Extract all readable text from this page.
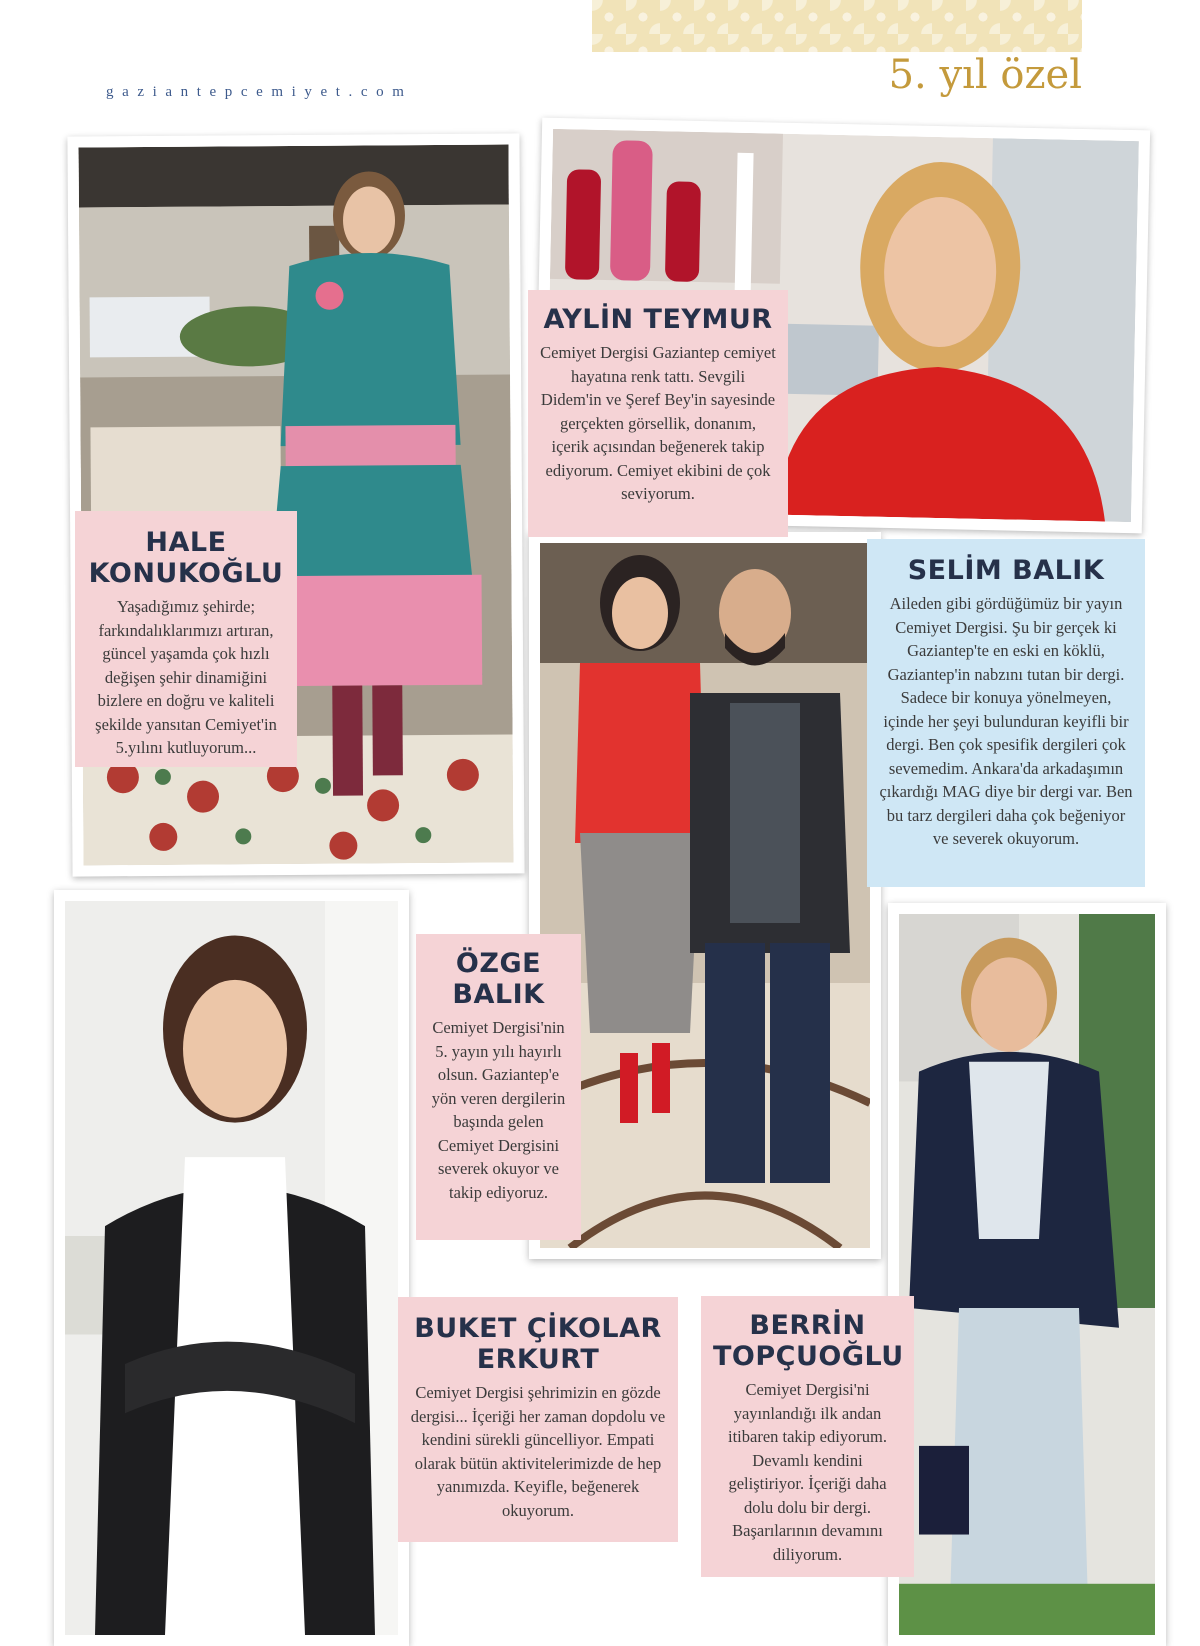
gaziantepcemiyet.com	5. yıl özel
HALE KONUKOĞLU

Yaşadığımız şehirde; farkındalıklarımızı artıran, güncel yaşamda çok hızlı değişen şehir dinamiğini bizlere en doğru ve kaliteli şekilde yansıtan Cemiyet'in 5.yılını kutluyorum...

AYLİN TEYMUR

Cemiyet Dergisi Gaziantep cemiyet hayatına renk tattı. Sevgili Didem'in ve Şeref Bey'in sayesinde gerçekten görsellik, donanım, içerik açısından beğenerek takip ediyorum. Cemiyet ekibini de çok seviyorum.

SELİM BALIK

Aileden gibi gördüğümüz bir yayın Cemiyet Dergisi. Şu bir gerçek ki Gaziantep'te en eski en köklü, Gaziantep'in nabzını tutan bir dergi. Sadece bir konuya yönelmeyen, içinde her şeyi bulunduran keyifli bir dergi. Ben çok spesifik dergileri çok sevemedim. Ankara'da arkadaşımın çıkardığı MAG diye bir dergi var. Ben bu tarz dergileri daha çok beğeniyor ve severek okuyorum.

ÖZGE BALIK

Cemiyet Dergisi'nin 5. yayın yılı hayırlı olsun. Gaziantep'e yön veren dergilerin başında gelen Cemiyet Dergisini severek okuyor ve takip ediyoruz.

BUKET ÇİKOLAR ERKURT

Cemiyet Dergisi şehrimizin en gözde dergisi... İçeriği her zaman dopdolu ve kendini sürekli güncelliyor. Empati olarak bütün aktivitelerimizde de hep yanımızda. Keyifle, beğenerek okuyorum.

BERRİN TOPÇUOĞLU

Cemiyet Dergisi'ni yayınlandığı ilk andan itibaren takip ediyorum. Devamlı kendini geliştiriyor. İçeriği daha dolu dolu bir dergi. Başarılarının devamını diliyorum.
